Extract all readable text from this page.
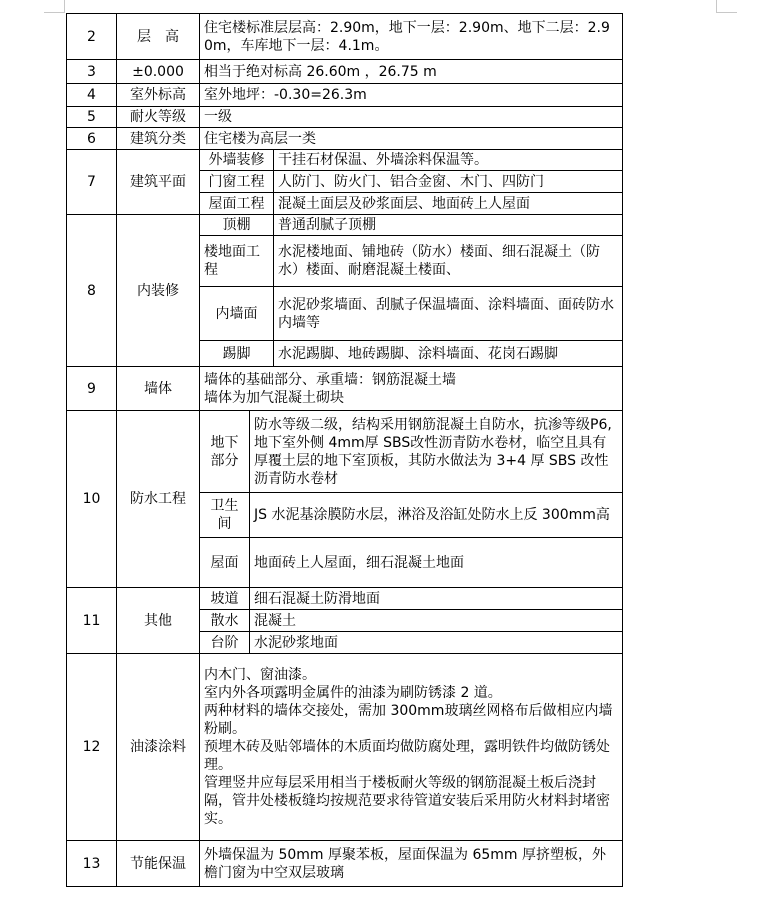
2	层　高	住宅楼标准层层高：2.90m，地下一层：2.90m、地下二层：2.90m，车库地下一层：4.1m。		
3	±0.000	相当于绝对标高 26.60m ，26.75 m		
4	室外标高	室外地坪：-0.30=26.3m		
5	耐火等级	一级		
6	建筑分类	住宅楼为高层一类		
7	建筑平面	外墙装修		干挂石材保温、外墙涂料保温等。
		门窗工程		人防门、防火门、铝合金窗、木门、四防门
		屋面工程		混凝土面层及砂浆面层、地面砖上人屋面
8	内装修	顶棚		普通刮腻子顶棚
		楼地面工程		水泥楼地面、铺地砖（防水）楼面、细石混凝土（防水）楼面、耐磨混凝土楼面、
		内墙面		水泥砂浆墙面、刮腻子保温墙面、涂料墙面、面砖防水内墙等
		踢脚		水泥踢脚、地砖踢脚、涂料墙面、花岗石踢脚
9	墙体	墙体的基础部分、承重墙：钢筋混凝土墙
墙体为加气混凝土砌块		

10	防水工程	地下部分	防水等级二级，结构采用钢筋混凝土自防水，抗渗等级P6,地下室外侧 4mm厚 SBS改性沥青防水卷材，临空且具有厚覆土层的地下室顶板，其防水做法为 3+4 厚 SBS 改性沥青防水卷材	
		卫生间	JS 水泥基涂膜防水层，淋浴及浴缸处防水上反 300mm高	
		屋面	地面砖上人屋面，细石混凝土地面	
11	其他	坡道	细石混凝土防滑地面	
		散水	混凝土	
		台阶	水泥砂浆地面	
12	油漆涂料	内木门、窗油漆。
室内外各项露明金属件的油漆为刷防锈漆 2 道。
两种材料的墙体交接处，需加 300mm玻璃丝网格布后做相应内墙粉刷。
预埋木砖及贴邻墙体的木质面均做防腐处理，露明铁件均做防锈处理。
管理竖井应每层采用相当于楼板耐火等级的钢筋混凝土板后浇封隔，管井处楼板缝均按规范要求待管道安装后采用防火材料封堵密实。		

13	节能保温	外墙保温为 50mm 厚聚苯板，屋面保温为 65mm 厚挤塑板，外檐门窗为中空双层玻璃		
